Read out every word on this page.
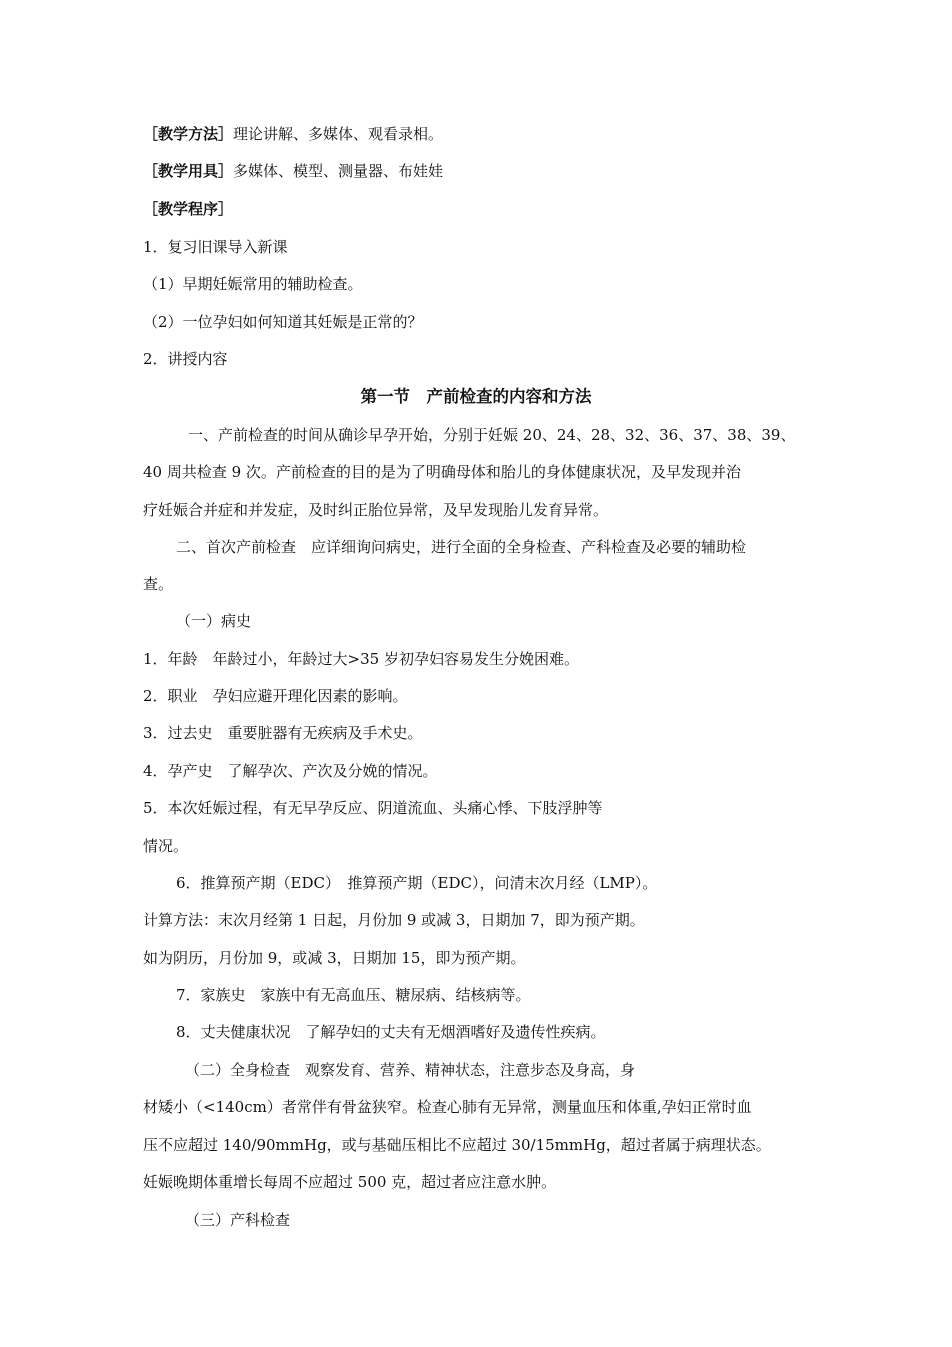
［教学方法］理论讲解、多媒体、观看录相。
［教学用具］多媒体、模型、测量器、布娃娃
［教学程序］
1．复习旧课导入新课
（1）早期妊娠常用的辅助检查。
（2）一位孕妇如何知道其妊娠是正常的？
2．讲授内容
第一节　产前检查的内容和方法
一、产前检查的时间从确诊早孕开始，分别于妊娠 20、24、28、32、36、37、38、39、
40 周共检查 9 次。产前检查的目的是为了明确母体和胎儿的身体健康状况，及早发现并治
疗妊娠合并症和并发症，及时纠正胎位异常，及早发现胎儿发育异常。
二、首次产前检查　应详细询问病史，进行全面的全身检查、产科检查及必要的辅助检
查。
（一）病史
1．年龄　年龄过小，年龄过大>35 岁初孕妇容易发生分娩困难。
2．职业　孕妇应避开理化因素的影响。
3．过去史　重要脏器有无疾病及手术史。
4．孕产史　了解孕次、产次及分娩的情况。
5．本次妊娠过程，有无早孕反应、阴道流血、头痛心悸、下肢浮肿等
情况。
6．推算预产期（EDC）　推算预产期（EDC），问清末次月经（LMP）。
计算方法：末次月经第 1 日起，月份加 9 或减 3，日期加 7，即为预产期。
如为阴历，月份加 9，或减 3，日期加 15，即为预产期。
7．家族史　家族中有无高血压、糖尿病、结核病等。
8．丈夫健康状况　了解孕妇的丈夫有无烟酒嗜好及遗传性疾病。
（二）全身检查　观察发育、营养、精神状态，注意步态及身高，身
材矮小（<140cm）者常伴有骨盆狭窄。检查心肺有无异常，测量血压和体重,孕妇正常时血
压不应超过 140/90mmHg，或与基础压相比不应超过 30/15mmHg，超过者属于病理状态。
妊娠晚期体重增长每周不应超过 500 克，超过者应注意水肿。
（三）产科检查
